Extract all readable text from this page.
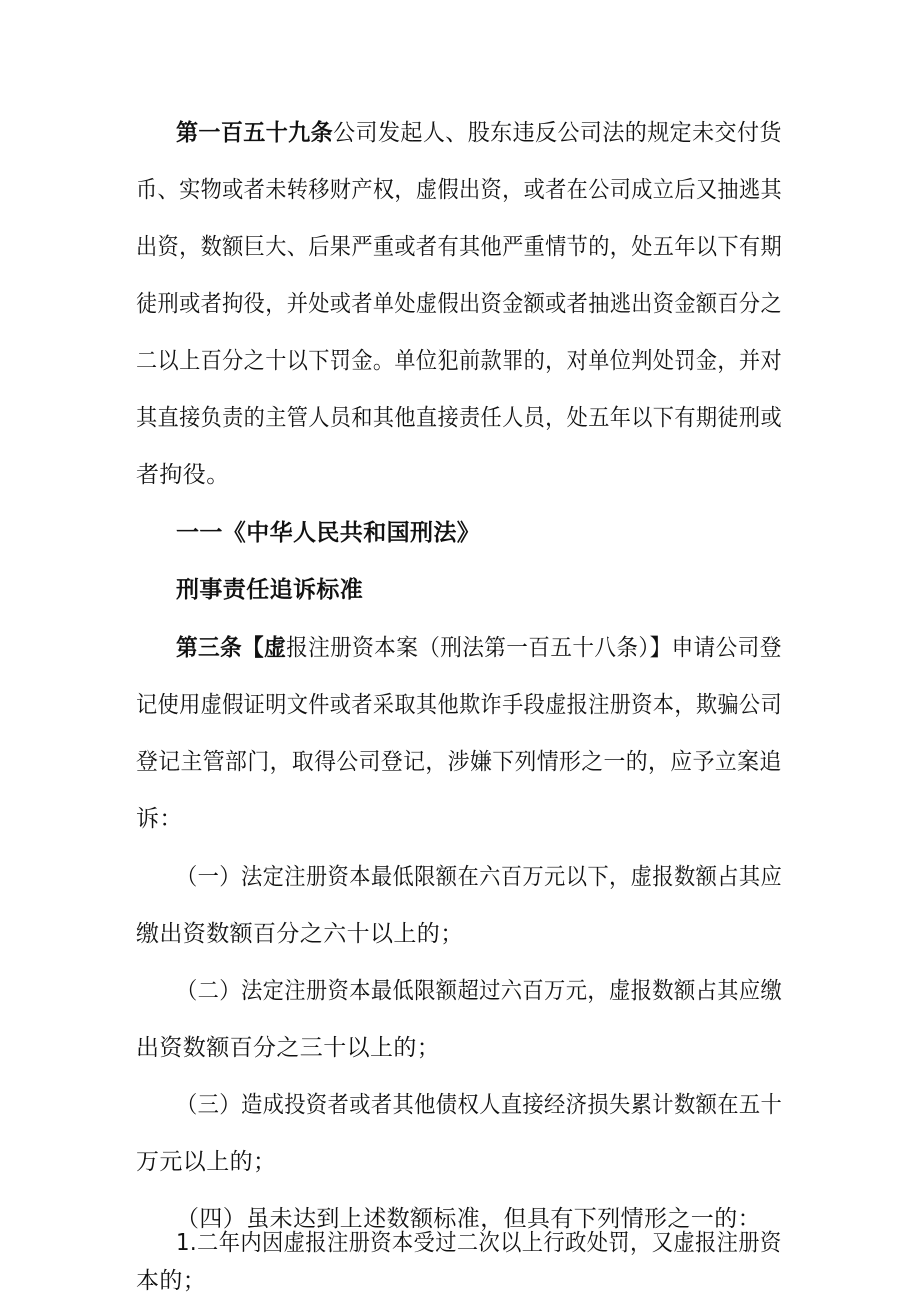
第一百五十九条公司发起人、股东违反公司法的规定未交付货

币、实物或者未转移财产权，虚假出资，或者在公司成立后又抽逃其

出资，数额巨大、后果严重或者有其他严重情节的，处五年以下有期

徒刑或者拘役，并处或者单处虚假出资金额或者抽逃出资金额百分之

二以上百分之十以下罚金。单位犯前款罪的，对单位判处罚金，并对

其直接负责的主管人员和其他直接责任人员，处五年以下有期徒刑或

者拘役。

一一《中华人民共和国刑法》

刑事责任追诉标准

第三条【虚报注册资本案（刑法第一百五十八条）】申请公司登

记使用虚假证明文件或者采取其他欺诈手段虚报注册资本，欺骗公司

登记主管部门，取得公司登记，涉嫌下列情形之一的，应予立案追

诉：

（一）法定注册资本最低限额在六百万元以下，虚报数额占其应

缴出资数额百分之六十以上的；

（二）法定注册资本最低限额超过六百万元，虚报数额占其应缴

出资数额百分之三十以上的；

（三）造成投资者或者其他债权人直接经济损失累计数额在五十

万元以上的；

（四）虽未达到上述数额标准，但具有下列情形之一的：

1.二年内因虚报注册资本受过二次以上行政处罚，又虚报注册资

本的；
